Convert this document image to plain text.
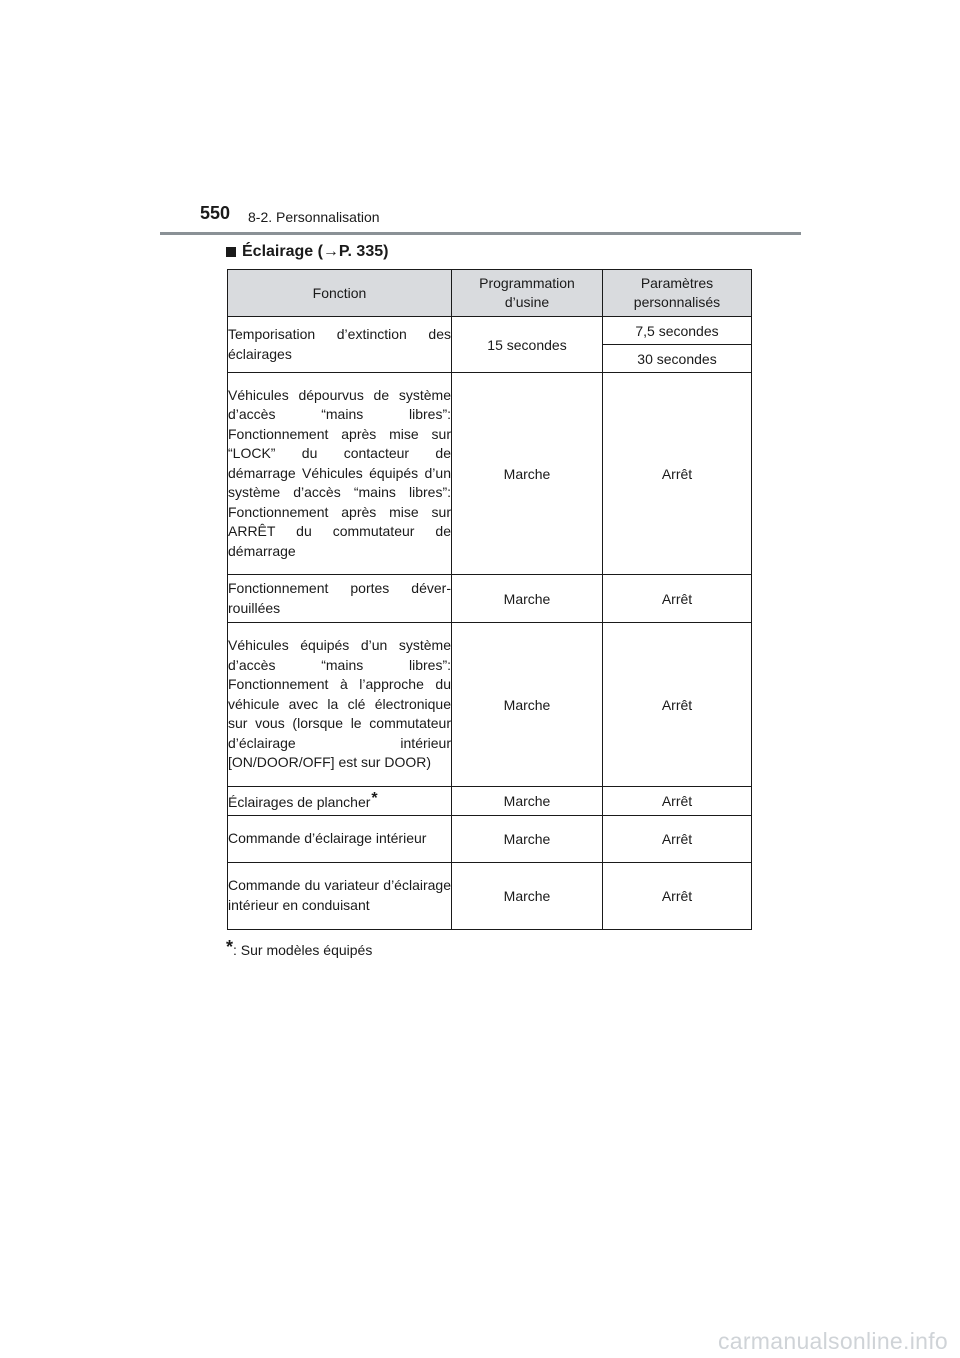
550 8-2. Personnalisation
Éclairage (→P. 335)
Fonction	Programmation d’usine	Paramètres personnalisés
Temporisation d’extinction des éclairages	15 secondes	7,5 secondes
		30 secondes
Véhicules dépourvus de système d’accès “mains libres”: Fonctionnement après mise sur “LOCK” du contacteur de démarrage Véhicules équipés d’un système d’accès “mains libres”: Fonctionnement après mise sur ARRÊT du commutateur de démarrage	Marche	Arrêt
Fonctionnement portes déverrouillées	Marche	Arrêt
Véhicules équipés d’un système d’accès “mains libres”: Fonctionnement à l’approche du véhicule avec la clé électronique sur vous (lorsque le commutateur d’éclairage intérieur [ON/DOOR/OFF] est sur DOOR)	Marche	Arrêt
Éclairages de plancher*	Marche	Arrêt
Commande d’éclairage intérieur	Marche	Arrêt
Commande du variateur d’éclairage intérieur en conduisant	Marche	Arrêt
*: Sur modèles équipés
carmanualsonline.info
